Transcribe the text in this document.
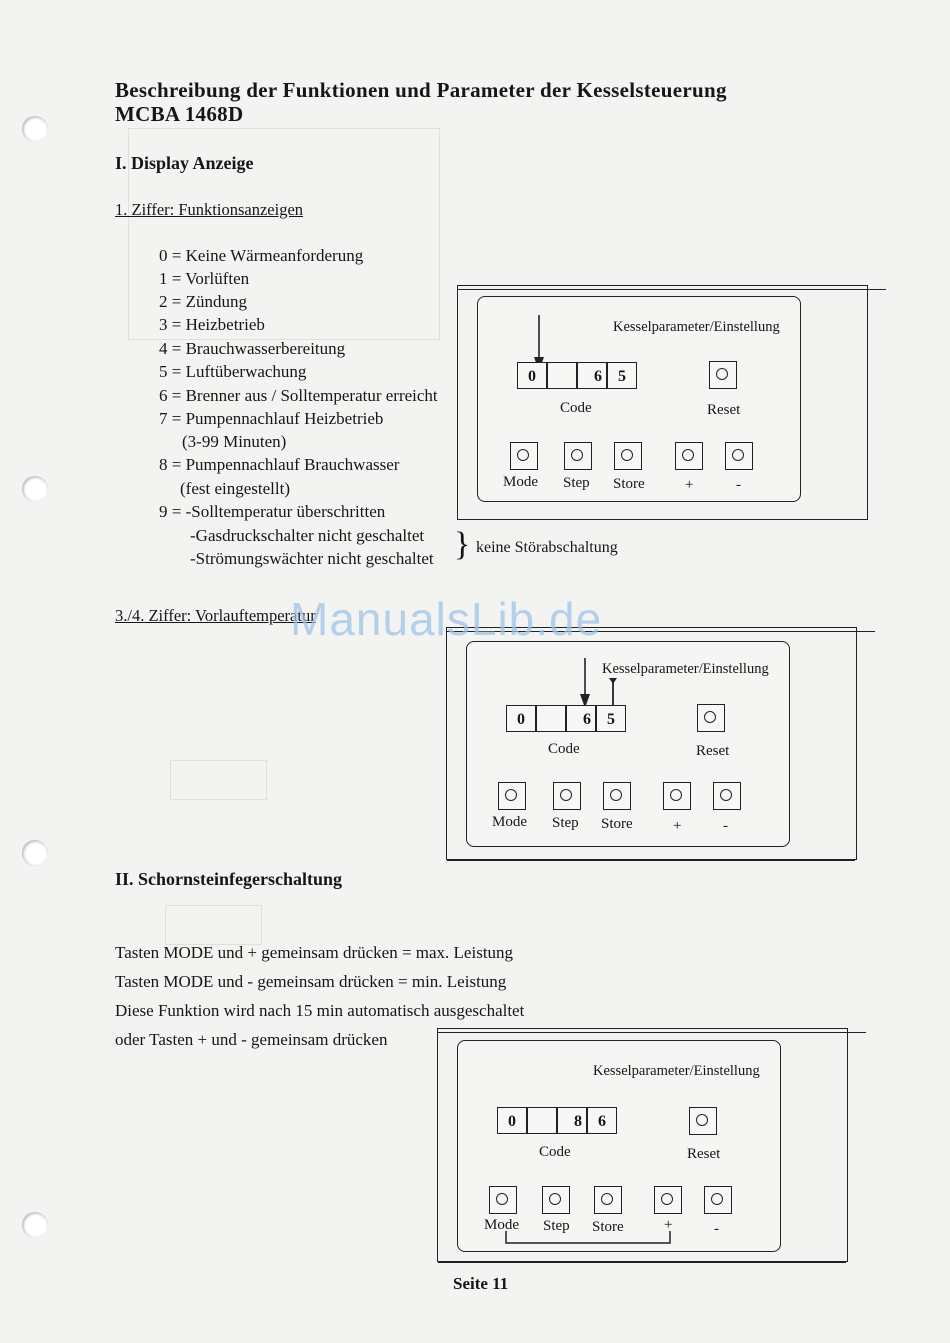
Beschreibung der Funktionen und Parameter der Kesselsteuerung
MCBA 1468D
I. Display Anzeige
1. Ziffer: Funktionsanzeigen
0 = Keine Wärmeanforderung
1 = Vorlüften
2 = Zündung
3 = Heizbetrieb
4 = Brauchwasserbereitung
5 = Luftüberwachung
6 = Brenner aus / Solltemperatur erreicht
7 = Pumpennachlauf Heizbetrieb
(3-99 Minuten)
8 = Pumpennachlauf Brauchwasser
(fest eingestellt)
9 = -Solltemperatur überschritten
-Gasdruckschalter nicht geschaltet
-Strömungswächter nicht geschaltet } keine Störabschaltung
3./4. Ziffer: Vorlauftemperatur
II. Schornsteinfegerschaltung
Tasten MODE und + gemeinsam drücken = max. Leistung
Tasten MODE und - gemeinsam drücken = min. Leistung
Diese Funktion wird nach 15 min automatisch ausgeschaltet
oder Tasten + und - gemeinsam drücken
Kesselparameter/Einstellung
0	6	5
Code	Reset
Mode Step Store	+	-
Kesselparameter/Einstellung
0	6	5
Code	Reset
Mode Step Store	+	-
Kesselparameter/Einstellung
0	8	6
Code	Reset
Mode Step Store	+	-
ManualsLib.de
Seite 11
